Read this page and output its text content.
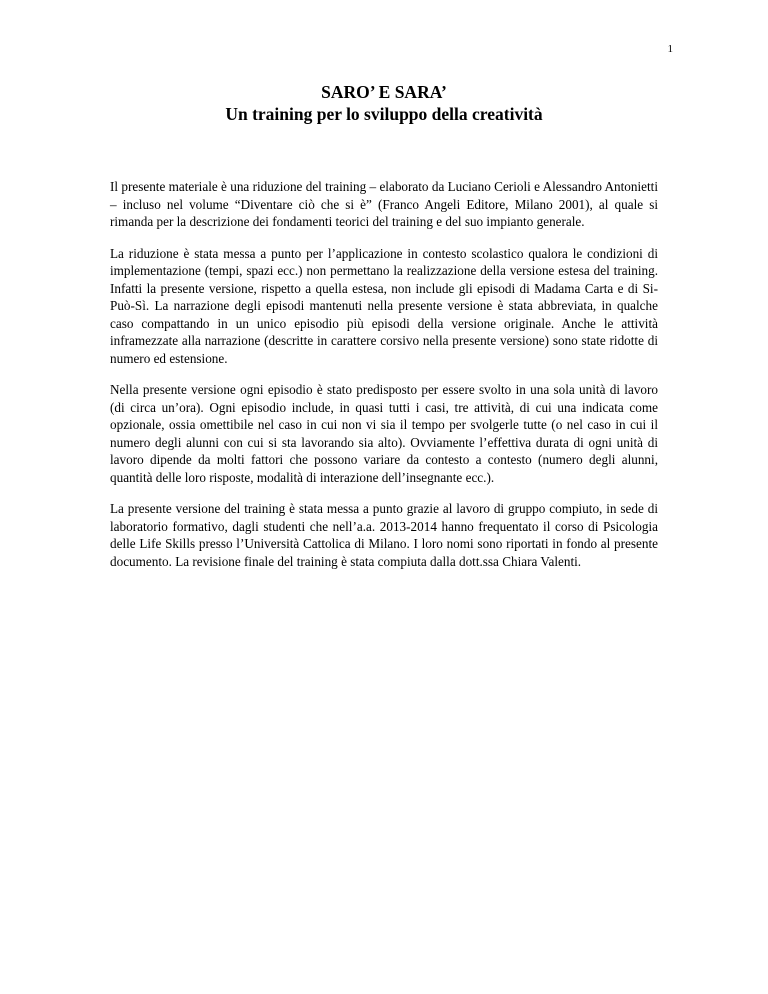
1
SARO’ E SARA’
Un training per lo sviluppo della creatività

Il presente materiale è una riduzione del training – elaborato da Luciano Cerioli e Alessandro Antonietti – incluso nel volume “Diventare ciò che si è” (Franco Angeli Editore, Milano 2001), al quale si rimanda per la descrizione dei fondamenti teorici del training e del suo impianto generale.

La riduzione è stata messa a punto per l’applicazione in contesto scolastico qualora le condizioni di implementazione (tempi, spazi ecc.) non permettano la realizzazione della versione estesa del training. Infatti la presente versione, rispetto a quella estesa, non include gli episodi di Madama Carta e di Si-Può-Sì. La narrazione degli episodi mantenuti nella presente versione è stata abbreviata, in qualche caso compattando in un unico episodio più episodi della versione originale. Anche le attività inframezzate alla narrazione (descritte in carattere corsivo nella presente versione) sono state ridotte di numero ed estensione.

Nella presente versione ogni episodio è stato predisposto per essere svolto in una sola unità di lavoro (di circa un’ora). Ogni episodio include, in quasi tutti i casi, tre attività, di cui una indicata come opzionale, ossia omettibile nel caso in cui non vi sia il tempo per svolgerle tutte (o nel caso in cui il numero degli alunni con cui si sta lavorando sia alto). Ovviamente l’effettiva durata di ogni unità di lavoro dipende da molti fattori che possono variare da contesto a contesto (numero degli alunni, quantità delle loro risposte, modalità di interazione dell’insegnante ecc.).

La presente versione del training è stata messa a punto grazie al lavoro di gruppo compiuto, in sede di laboratorio formativo, dagli studenti che nell’a.a. 2013-2014 hanno frequentato il corso di Psicologia delle Life Skills presso l’Università Cattolica di Milano. I loro nomi sono riportati in fondo al presente documento. La revisione finale del training è stata compiuta dalla dott.ssa Chiara Valenti.
